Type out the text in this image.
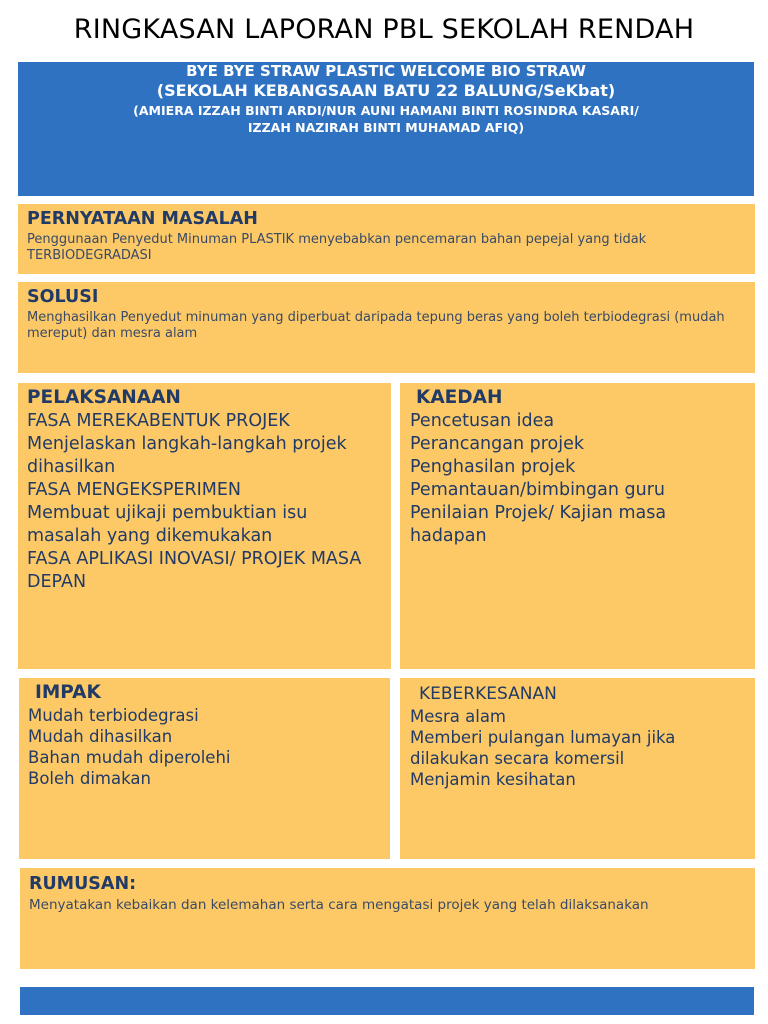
RINGKASAN LAPORAN PBL SEKOLAH RENDAH
BYE BYE STRAW PLASTIC WELCOME BIO STRAW
(SEKOLAH KEBANGSAAN BATU 22 BALUNG/SeKbat)
(AMIERA IZZAH BINTI ARDI/NUR AUNI HAMANI BINTI ROSINDRA KASARI/
IZZAH NAZIRAH BINTI MUHAMAD AFIQ)
PERNYATAAN MASALAH
Penggunaan Penyedut Minuman PLASTIK menyebabkan pencemaran bahan pepejal yang tidak TERBIODEGRADASI
SOLUSI
Menghasilkan Penyedut minuman yang diperbuat daripada tepung beras yang boleh terbiodegrasi (mudah mereput) dan mesra alam
PELAKSANAAN
FASA MEREKABENTUK PROJEK
Menjelaskan langkah-langkah projek dihasilkan
FASA MENGEKSPERIMEN
Membuat ujikaji pembuktian isu masalah yang dikemukakan
FASA APLIKASI INOVASI/ PROJEK MASA DEPAN
KAEDAH
Pencetusan idea
Perancangan projek
Penghasilan projek
Pemantauan/bimbingan guru
Penilaian Projek/ Kajian masa hadapan
IMPAK
Mudah terbiodegrasi
Mudah dihasilkan
Bahan mudah diperolehi
Boleh dimakan
KEBERKESANAN
Mesra alam
Memberi pulangan lumayan jika dilakukan secara komersil
Menjamin kesihatan
RUMUSAN:
Menyatakan kebaikan dan kelemahan serta cara mengatasi projek yang telah dilaksanakan
